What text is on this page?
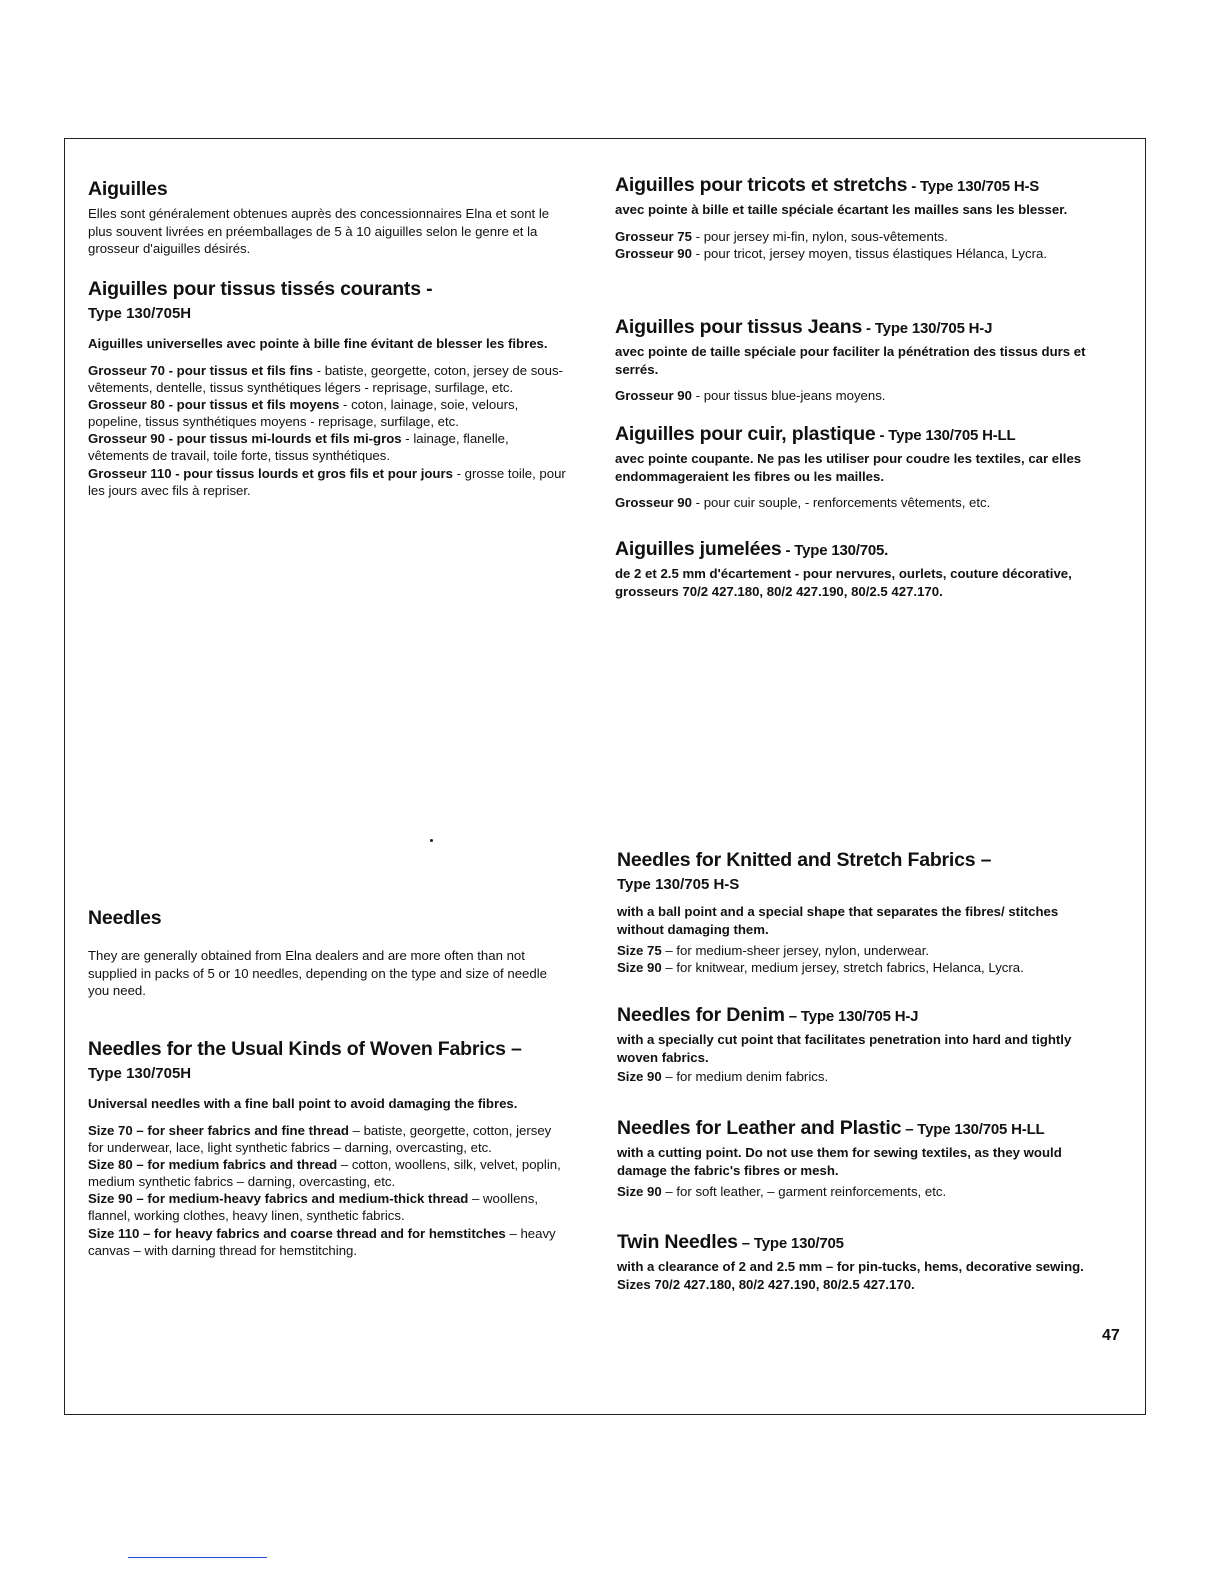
Aiguilles

Elles sont généralement obtenues auprès des concessionnaires Elna et sont le plus souvent livrées en préemballages de 5 à 10 aiguilles selon le genre et la grosseur d'aiguilles désirés.

Aiguilles pour tissus tissés courants -
Type 130/705H

Aiguilles universelles avec pointe à bille fine évitant de blesser les fibres.

Grosseur 70 - pour tissus et fils fins - batiste, georgette, coton, jersey de sous-vêtements, dentelle, tissus synthétiques légers - reprisage, surfilage, etc.

Grosseur 80 - pour tissus et fils moyens - coton, lainage, soie, velours, popeline, tissus synthétiques moyens - reprisage, surfilage, etc.

Grosseur 90 - pour tissus mi-lourds et fils mi-gros - lainage, flanelle, vêtements de travail, toile forte, tissus synthétiques.

Grosseur 110 - pour tissus lourds et gros fils et pour jours - grosse toile, pour les jours avec fils à repriser.

Aiguilles pour tricots et stretchs - Type 130/705 H-S

avec pointe à bille et taille spéciale écartant les mailles sans les blesser.

Grosseur 75 - pour jersey mi-fin, nylon, sous-vêtements.

Grosseur 90 - pour tricot, jersey moyen, tissus élastiques Hélanca, Lycra.

Aiguilles pour tissus Jeans - Type 130/705 H-J

avec pointe de taille spéciale pour faciliter la pénétration des tissus durs et serrés.

Grosseur 90 - pour tissus blue-jeans moyens.

Aiguilles pour cuir, plastique - Type 130/705 H-LL

avec pointe coupante. Ne pas les utiliser pour coudre les textiles, car elles endommageraient les fibres ou les mailles.

Grosseur 90 - pour cuir souple, - renforcements vêtements, etc.

Aiguilles jumelées - Type 130/705.

de 2 et 2.5 mm d'écartement - pour nervures, ourlets, couture décorative, grosseurs 70/2 427.180, 80/2 427.190, 80/2.5 427.170.

Needles

They are generally obtained from Elna dealers and are more often than not supplied in packs of 5 or 10 needles, depending on the type and size of needle you need.

Needles for the Usual Kinds of Woven Fabrics –
Type 130/705H

Universal needles with a fine ball point to avoid damaging the fibres.

Size 70 – for sheer fabrics and fine thread – batiste, georgette, cotton, jersey for underwear, lace, light synthetic fabrics – darning, overcasting, etc.

Size 80 – for medium fabrics and thread – cotton, woollens, silk, velvet, poplin, medium synthetic fabrics – darning, overcasting, etc.

Size 90 – for medium-heavy fabrics and medium-thick thread – woollens, flannel, working clothes, heavy linen, synthetic fabrics.

Size 110 – for heavy fabrics and coarse thread and for hemstitches – heavy canvas – with darning thread for hemstitching.

Needles for Knitted and Stretch Fabrics –
Type 130/705 H-S

with a ball point and a special shape that separates the fibres/ stitches without damaging them.

Size 75 – for medium-sheer jersey, nylon, underwear.

Size 90 – for knitwear, medium jersey, stretch fabrics, Helanca, Lycra.

Needles for Denim – Type 130/705 H-J

with a specially cut point that facilitates penetration into hard and tightly woven fabrics.

Size 90 – for medium denim fabrics.

Needles for Leather and Plastic – Type 130/705 H-LL

with a cutting point. Do not use them for sewing textiles, as they would damage the fabric's fibres or mesh.

Size 90 – for soft leather, – garment reinforcements, etc.

Twin Needles – Type 130/705

with a clearance of 2 and 2.5 mm – for pin-tucks, hems, decorative sewing. Sizes 70/2 427.180, 80/2 427.190, 80/2.5 427.170.

47
